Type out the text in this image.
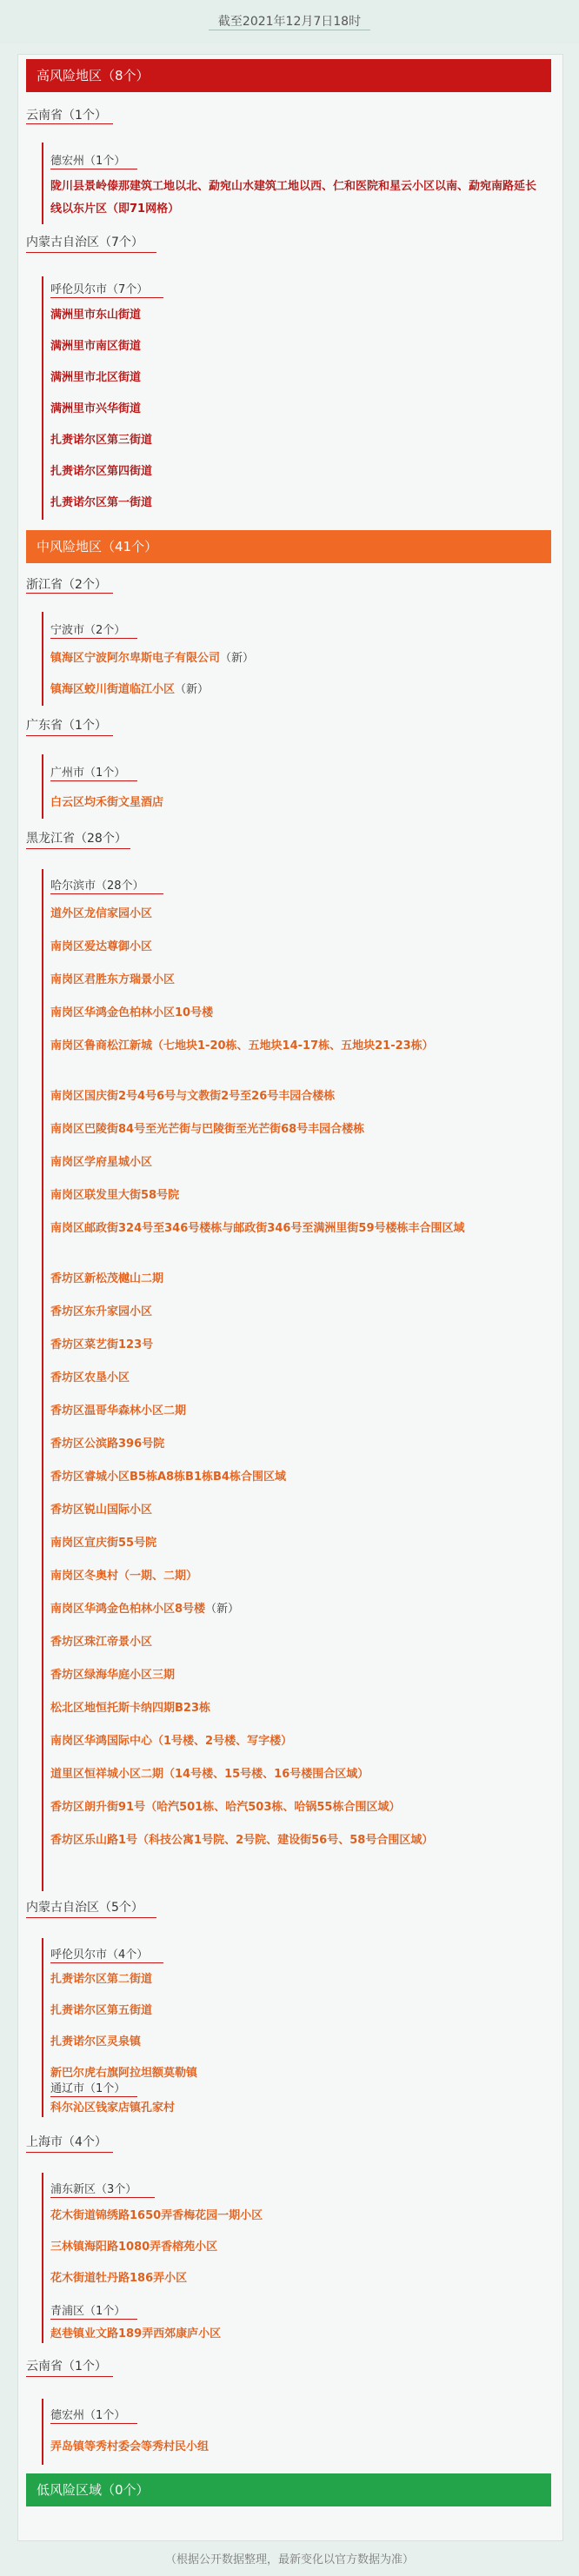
截至2021年12月7日18时
高风险地区（8个）
云南省（1个）
德宏州（1个）
陇川县景岭傣那建筑工地以北、勐宛山水建筑工地以西、仁和医院和星云小区以南、勐宛南路延长线以东片区（即71网格）
内蒙古自治区（7个）
呼伦贝尔市（7个）
满洲里市东山街道
满洲里市南区街道
满洲里市北区街道
满洲里市兴华街道
扎赉诺尔区第三街道
扎赉诺尔区第四街道
扎赉诺尔区第一街道
中风险地区（41个）
浙江省（2个）
宁波市（2个）
镇海区宁波阿尔卑斯电子有限公司（新）
镇海区蛟川街道临江小区（新）
广东省（1个）
广州市（1个）
白云区均禾街文星酒店
黑龙江省（28个）
哈尔滨市（28个）
道外区龙信家园小区
南岗区爱达尊御小区
南岗区君胜东方瑞景小区
南岗区华鸿金色柏林小区10号楼
南岗区鲁商松江新城（七地块1-20栋、五地块14-17栋、五地块21-23栋）
南岗区国庆街2号4号6号与文教街2号至26号丰园合楼栋
南岗区巴陵街84号至光芒街与巴陵街至光芒街68号丰园合楼栋
南岗区学府星城小区
南岗区联发里大街58号院
南岗区邮政街324号至346号楼栋与邮政街346号至满洲里街59号楼栋丰合围区域
香坊区新松茂樾山二期
香坊区东升家园小区
香坊区菜艺街123号
香坊区农垦小区
香坊区温哥华森林小区二期
香坊区公滨路396号院
香坊区睿城小区B5栋A8栋B1栋B4栋合围区域
香坊区锐山国际小区
南岗区宣庆街55号院
南岗区冬奥村（一期、二期）
南岗区华鸿金色柏林小区8号楼（新）
香坊区珠江帝景小区
香坊区绿海华庭小区三期
松北区地恒托斯卡纳四期B23栋
南岗区华鸿国际中心（1号楼、2号楼、写字楼）
道里区恒祥城小区二期（14号楼、15号楼、16号楼围合区域）
香坊区朗升街91号（哈汽501栋、哈汽503栋、哈锅55栋合围区域）
香坊区乐山路1号（科技公寓1号院、2号院、建设街56号、58号合围区域）
内蒙古自治区（5个）
呼伦贝尔市（4个）
扎赉诺尔区第二街道
扎赉诺尔区第五街道
扎赉诺尔区灵泉镇
新巴尔虎右旗阿拉坦额莫勒镇
通辽市（1个）
科尔沁区钱家店镇孔家村
上海市（4个）
浦东新区（3个）
花木街道锦绣路1650弄香梅花园一期小区
三林镇海阳路1080弄香榕苑小区
花木街道牡丹路186弄小区
青浦区（1个）
赵巷镇业文路189弄西郊康庐小区
云南省（1个）
德宏州（1个）
弄岛镇等秀村委会等秀村民小组
低风险区域（0个）
（根据公开数据整理，最新变化以官方数据为准）
